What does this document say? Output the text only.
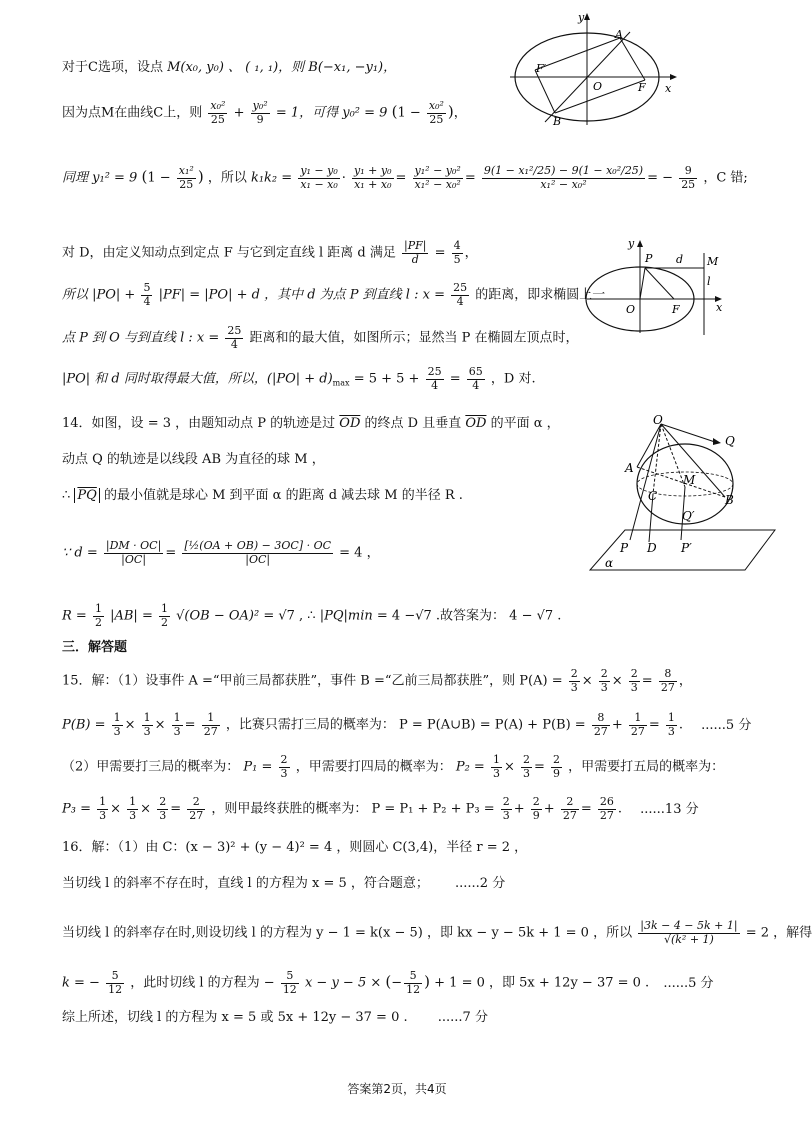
y
x
A
B
F
F′
O
y
x
P d M
l
O	F
O
Q
A
M
C	B
Q′
P D P′
α
对于C选项，设点 M(x₀, y₀) 、 ( ₁, ₁)，则 B(−x₁, −y₁)，
因为点M在曲线C上，则 $\frac{\text{x₀²}}{25} + \frac{\text{y₀²}}{9} = 1$，可得 y₀² = 9 ($1 - \frac{\text{x₀²}}{25}$ )，
同理 y₁² = 9 ($1 - \frac{\text{x₁²}}{25}$ ) ，所以 $k_1k_2 = \frac{\text{y₁ − y₀}}{\text{x₁ − x₀}} \cdot \frac{\text{y₁ + y₀}}{\text{x₁ + x₀}} = \frac{\text{y₁² − y₀²}}{\text{x₁² − x₀²}} = \frac{\text{9(1 − x₁²/25) − 9(1 − x₀²/25)}}{\text{x₁² − x₀²}}$ = − $\frac{9}{25}$ ，C 错;
对 D，由定义知动点到定点 F 与它到定直线 l 距离 d 满足 $\frac{|PF|}{d} = \frac{4}{5}$ ，
所以 $|PO| + \frac{5}{4} |PF| = |PO| + d$ ，其中 d 为点 P 到直线 l : $x = \frac{25}{4}$ 的距离，即求椭圆上一
点 P 到 O 与到直线 l : $x = \frac{25}{4}$ 距离和的最大值，如图所示；显然当 P 在椭圆左顶点时，
|PO| 和 d 同时取得最大值，所以，$(|PO| + d)_{max} = 5 + 5 + \frac{25}{4} = \frac{65}{4}$ ，D 对.
14．如图，设 = 3 ，由题知动点 P 的轨迹是过 $\overline{OD}$ 的终点 D 且垂直 $\overline{OD}$ 的平面 α ，
动点 Q 的轨迹是以线段 AB 为直径的球 M ，
∴ $\overline{PQ}$ 的最小值就是球心 M 到平面 α 的距离 d 减去球 M 的半径 R .
∵ $d = \frac{|DM \cdot OC|}{|OC|} = \frac{\text{[½(OA + OB) − 3OC] · OC}}{|OC|} = 4$ ，
$R = \frac{1}{2} |AB| = \frac{1}{2} √(OB - OA)^2 = √7$ , ∴ |PQ|min = 4 −√7 .故答案为： 4 − √7 .
三．解答题
15．解：（1）设事件 A =“甲前三局都获胜”，事件 B =“乙前三局都获胜”，则 $P(A) = \frac{2}{3} \times \frac{2}{3} \times \frac{2}{3} = \frac{8}{27}$ ，
$P(B) = \frac{1}{3} \times \frac{1}{3} \times \frac{1}{3} = \frac{1}{27}$ ，比赛只需打三局的概率为： P = P(A∪B) = $P(A) + P(B) = \frac{8}{27} + \frac{1}{27} = \frac{1}{3}$ . ......5 分
（2）甲需要打三局的概率为： $P_1 = \frac{2}{3}$ ，甲需要打四局的概率为： $P_2 = \frac{1}{3} \times \frac{2}{3} = \frac{2}{9}$ ，甲需要打五局的概率为：
$P_3 = \frac{1}{3} \times \frac{1}{3} \times \frac{2}{3} = \frac{2}{27}$ ，则甲最终获胜的概率为： $P = P_1 + P_2 + P_3 = \frac{2}{3} + \frac{2}{9} + \frac{2}{27} = \frac{26}{27}$ . ......13 分
16．解：（1）由 C：(x − 3)² + (y − 4)² = 4 ，则圆心 C(3,4)，半径 r = 2 ，
当切线 l 的斜率不存在时，直线 l 的方程为 x = 5 ，符合题意； ......2 分
当切线 l 的斜率存在时,则设切线 l 的方程为 y − 1 = k(x − 5) ，即 kx − y − 5k + 1 = 0 ，所以 $\frac{|3k - 4 - 5k + 1|}{\text{√(k² + 1)}} = 2$ ，解得
k = − $\frac{5}{12}$ ，此时切线 l 的方程为 − $\frac{5}{12}$ x − y − 5 × (− $\frac{5}{12}$ ) + 1 = 0 ，即 5x + 12y − 37 = 0 . ......5 分
综上所述，切线 l 的方程为 x = 5 或 5x + 12y − 37 = 0 . ......7 分
答案第2页，共4页
